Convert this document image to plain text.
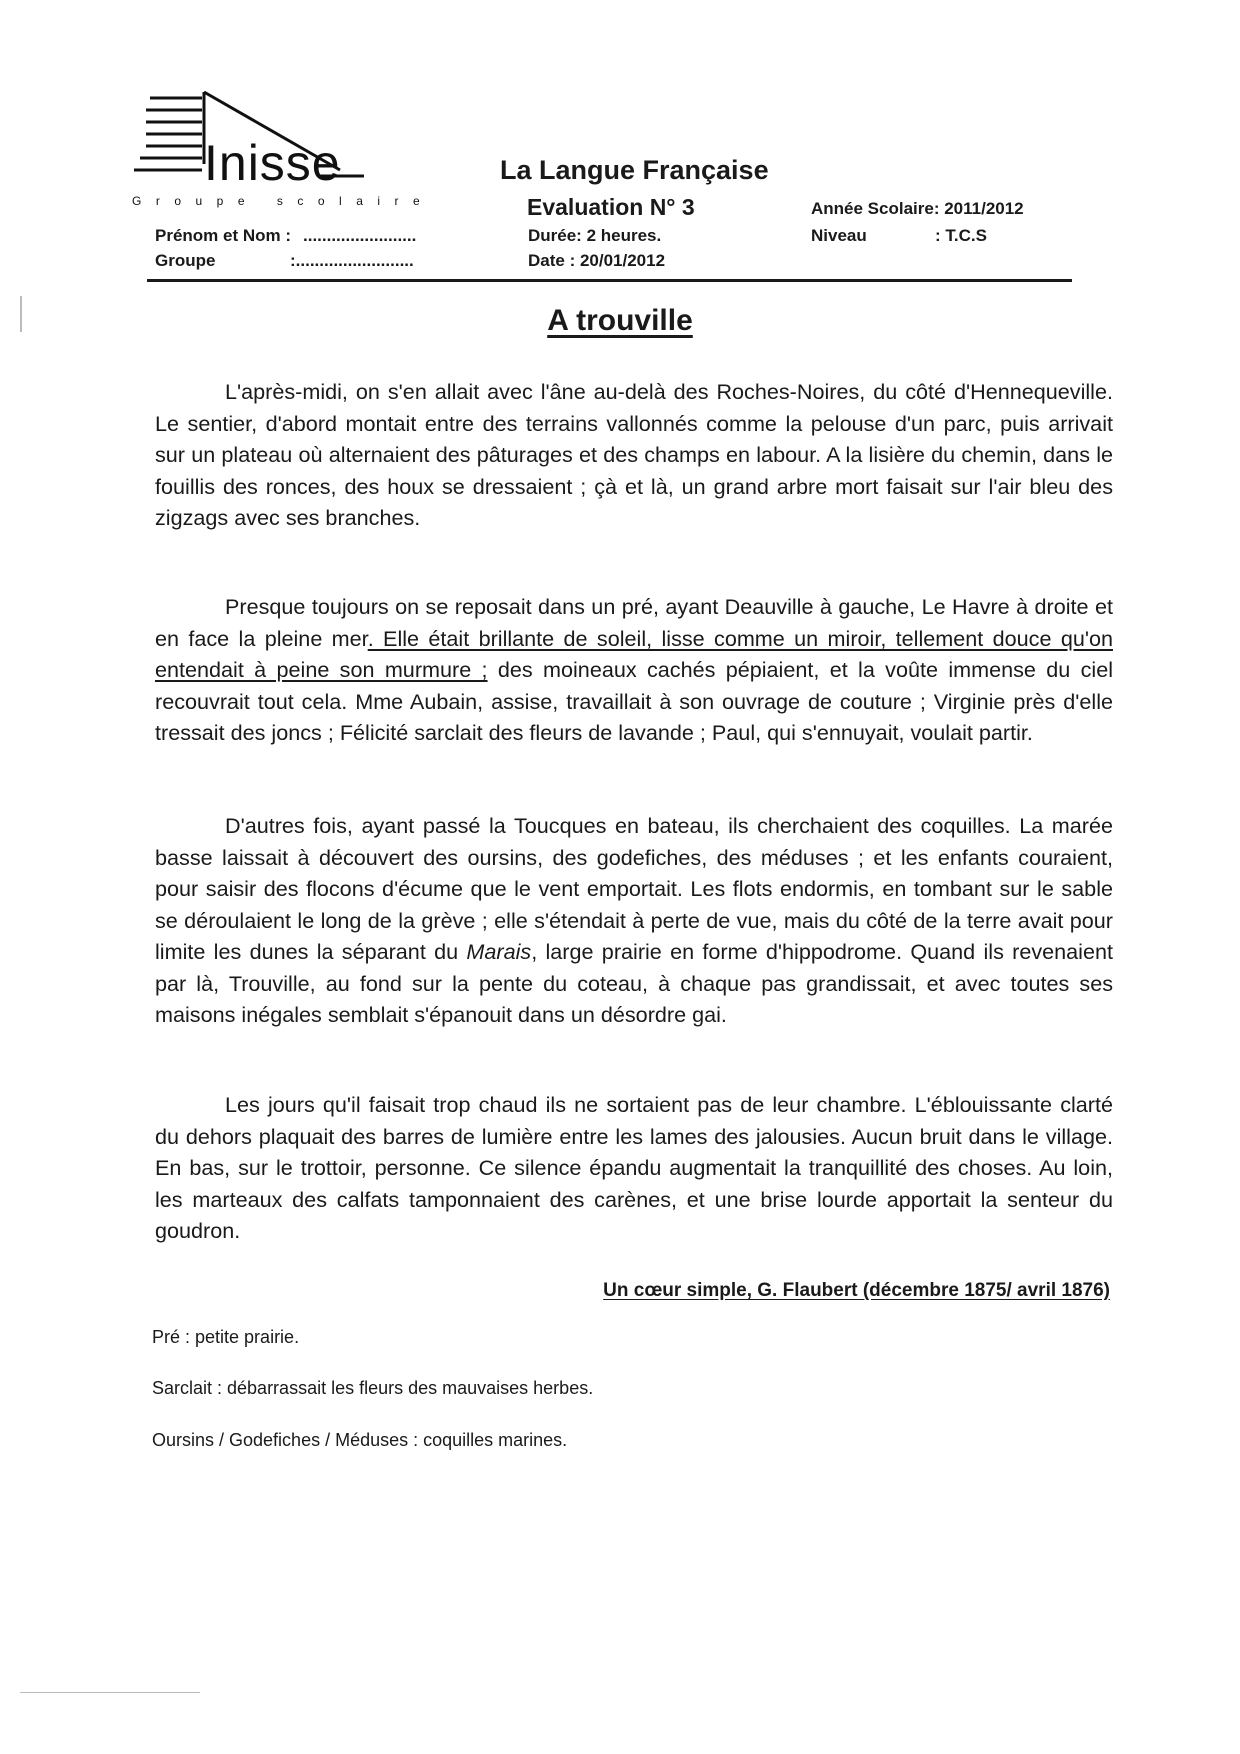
Inisse
Groupe scolaire
Prénom et Nom : ........................
Groupe	:.........................
La Langue Française
Evaluation N° 3
Durée: 2 heures.
Date : 20/01/2012
Année Scolaire: 2011/2012
Niveau	: T.C.S
A trouville

L'après-midi, on s'en allait avec l'âne au-delà des Roches-Noires, du côté d'Hennequeville. Le sentier, d'abord montait entre des terrains vallonnés comme la pelouse d'un parc, puis arrivait sur un plateau où alternaient des pâturages et des champs en labour. A la lisière du chemin, dans le fouillis des ronces, des houx se dressaient ; çà et là, un grand arbre mort faisait sur l'air bleu des zigzags avec ses branches.

Presque toujours on se reposait dans un pré, ayant Deauville à gauche, Le Havre à droite et en face la pleine mer. Elle était brillante de soleil, lisse comme un miroir, tellement douce qu'on entendait à peine son murmure ; des moineaux cachés pépiaient, et la voûte immense du ciel recouvrait tout cela. Mme Aubain, assise, travaillait à son ouvrage de couture ; Virginie près d'elle tressait des joncs ; Félicité sarclait des fleurs de lavande ; Paul, qui s'ennuyait, voulait partir.

D'autres fois, ayant passé la Toucques en bateau, ils cherchaient des coquilles. La marée basse laissait à découvert des oursins, des godefiches, des méduses ; et les enfants couraient, pour saisir des flocons d'écume que le vent emportait. Les flots endormis, en tombant sur le sable se déroulaient le long de la grève ; elle s'étendait à perte de vue, mais du côté de la terre avait pour limite les dunes la séparant du Marais, large prairie en forme d'hippodrome. Quand ils revenaient par là, Trouville, au fond sur la pente du coteau, à chaque pas grandissait, et avec toutes ses maisons inégales semblait s'épanouit dans un désordre gai.

Les jours qu'il faisait trop chaud ils ne sortaient pas de leur chambre. L'éblouissante clarté du dehors plaquait des barres de lumière entre les lames des jalousies. Aucun bruit dans le village. En bas, sur le trottoir, personne. Ce silence épandu augmentait la tranquillité des choses. Au loin, les marteaux des calfats tamponnaient des carènes, et une brise lourde apportait la senteur du goudron.

Un cœur simple, G. Flaubert (décembre 1875/ avril 1876)
Pré : petite prairie.
Sarclait : débarrassait les fleurs des mauvaises herbes.
Oursins / Godefiches / Méduses : coquilles marines.
